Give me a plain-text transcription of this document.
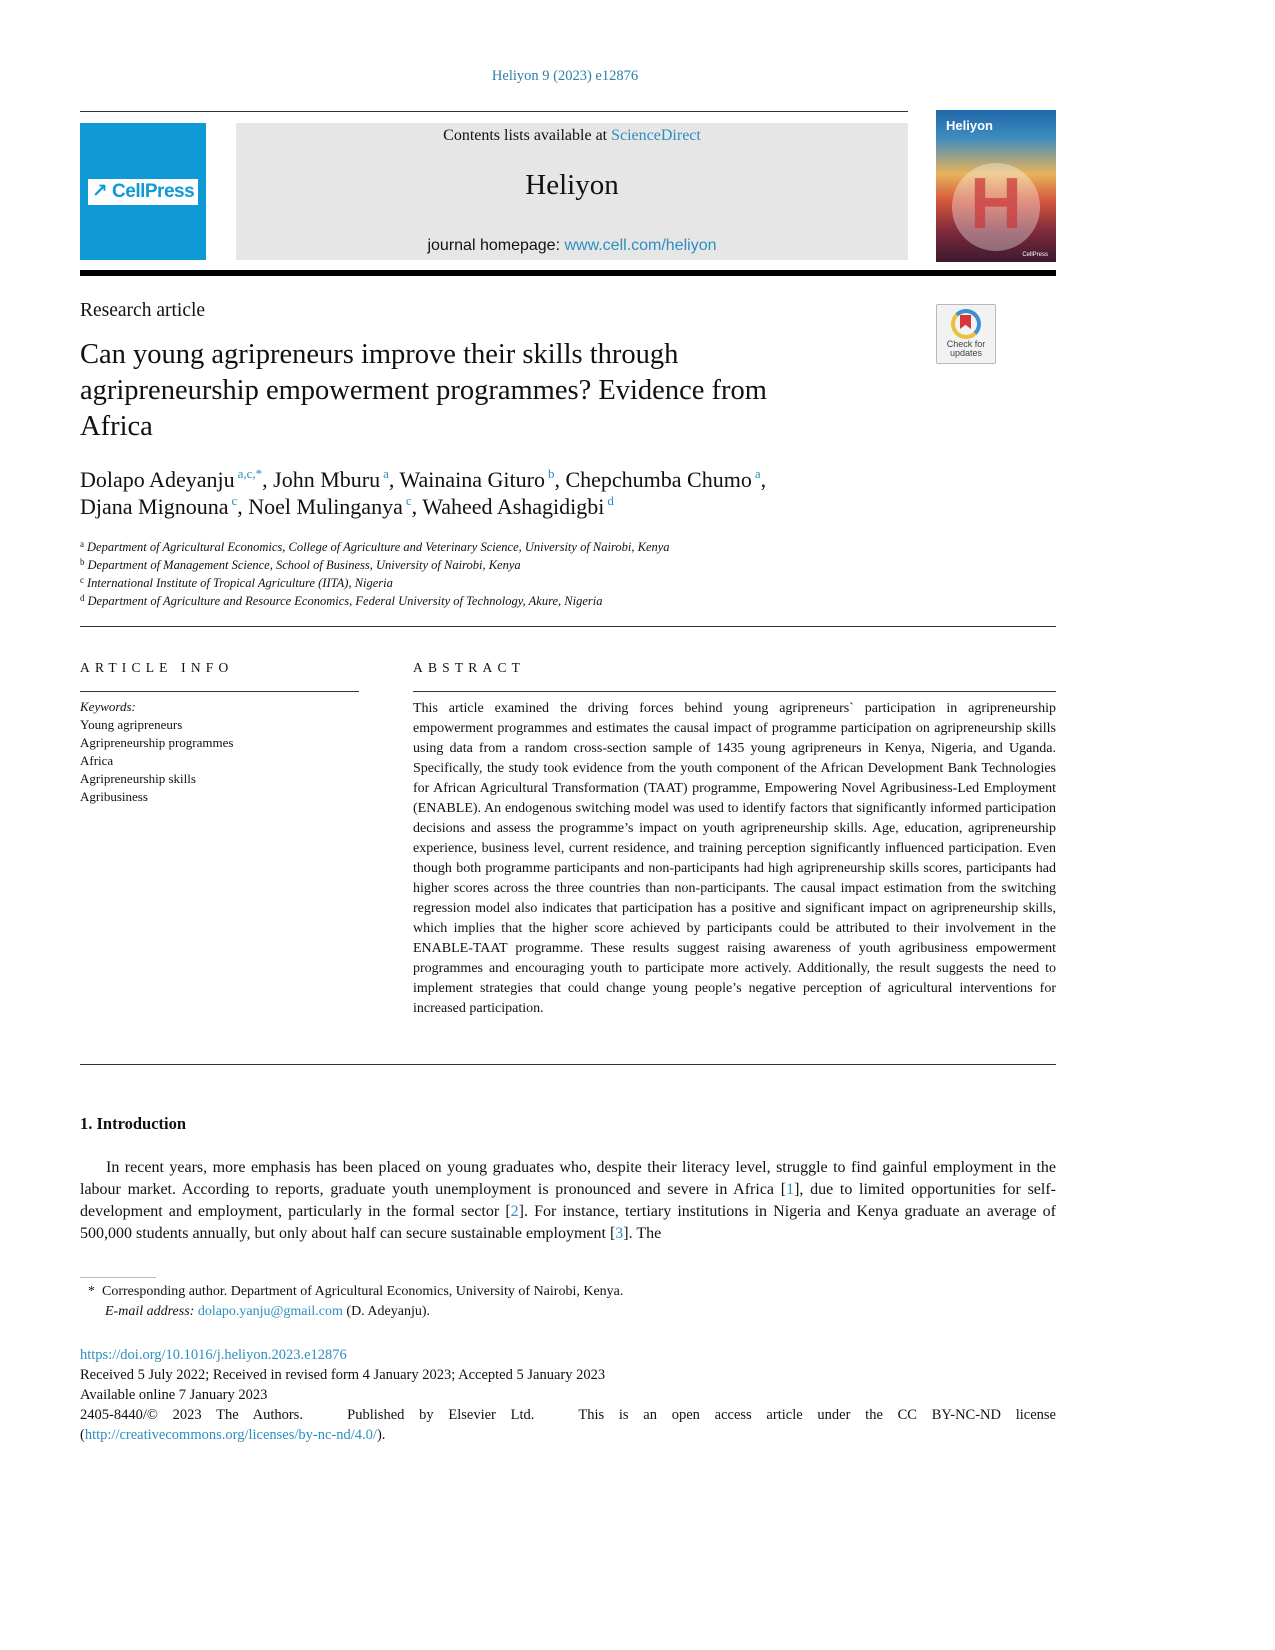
Heliyon 9 (2023) e12876
↗ CellPress
Contents lists available at ScienceDirect
Heliyon
journal homepage: www.cell.com/heliyon
Heliyon
H
CellPress
Research article
Check for
updates
Can young agripreneurs improve their skills through agripreneurship empowerment programmes? Evidence from Africa
Dolapo Adeyanju $^{a,c,*}$, John Mburu $^a$, Wainaina Gituro $^b$, Chepchumba Chumo $^a$,
Djana Mignouna $^c$, Noel Mulinganya $^c$, Waheed Ashagidigbi $^d$
$^a$ Department of Agricultural Economics, College of Agriculture and Veterinary Science, University of Nairobi, Kenya
$^b$ Department of Management Science, School of Business, University of Nairobi, Kenya
$^c$ International Institute of Tropical Agriculture (IITA), Nigeria
$^d$ Department of Agriculture and Resource Economics, Federal University of Technology, Akure, Nigeria
ARTICLE INFO
Keywords:
Young agripreneurs
Agripreneurship programmes
Africa
Agripreneurship skills
Agribusiness
ABSTRACT
This article examined the driving forces behind young agripreneurs` participation in agripreneurship empowerment programmes and estimates the causal impact of programme participation on agripreneurship skills using data from a random cross-section sample of 1435 young agripreneurs in Kenya, Nigeria, and Uganda. Specifically, the study took evidence from the youth component of the African Development Bank Technologies for African Agricultural Transformation (TAAT) programme, Empowering Novel Agribusiness-Led Employment (ENABLE). An endogenous switching model was used to identify factors that significantly informed participation decisions and assess the programme’s impact on youth agripreneurship skills. Age, education, agripreneurship experience, business level, current residence, and training perception significantly influenced participation. Even though both programme participants and non-participants had high agripreneurship skills scores, participants had higher scores across the three countries than non-participants. The causal impact estimation from the switching regression model also indicates that participation has a positive and significant impact on agripreneurship skills, which implies that the higher score achieved by participants could be attributed to their involvement in the ENABLE-TAAT programme. These results suggest raising awareness of youth agribusiness empowerment programmes and encouraging youth to participate more actively. Additionally, the result suggests the need to implement strategies that could change young people’s negative perception of agricultural interventions for increased participation.
1. Introduction

In recent years, more emphasis has been placed on young graduates who, despite their literacy level, struggle to find gainful employment in the labour market. According to reports, graduate youth unemployment is pronounced and severe in Africa [1], due to limited opportunities for self-development and employment, particularly in the formal sector [2]. For instance, tertiary institutions in Nigeria and Kenya graduate an average of 500,000 students annually, but only about half can secure sustainable employment [3]. The

* Corresponding author. Department of Agricultural Economics, University of Nairobi, Kenya.
E-mail address: dolapo.yanju@gmail.com (D. Adeyanju).
https://doi.org/10.1016/j.heliyon.2023.e12876
Received 5 July 2022; Received in revised form 4 January 2023; Accepted 5 January 2023
Available online 7 January 2023
2405-8440/© 2023 The Authors.   Published by Elsevier Ltd.   This is an open access article under the CC BY-NC-ND license
(http://creativecommons.org/licenses/by-nc-nd/4.0/).
